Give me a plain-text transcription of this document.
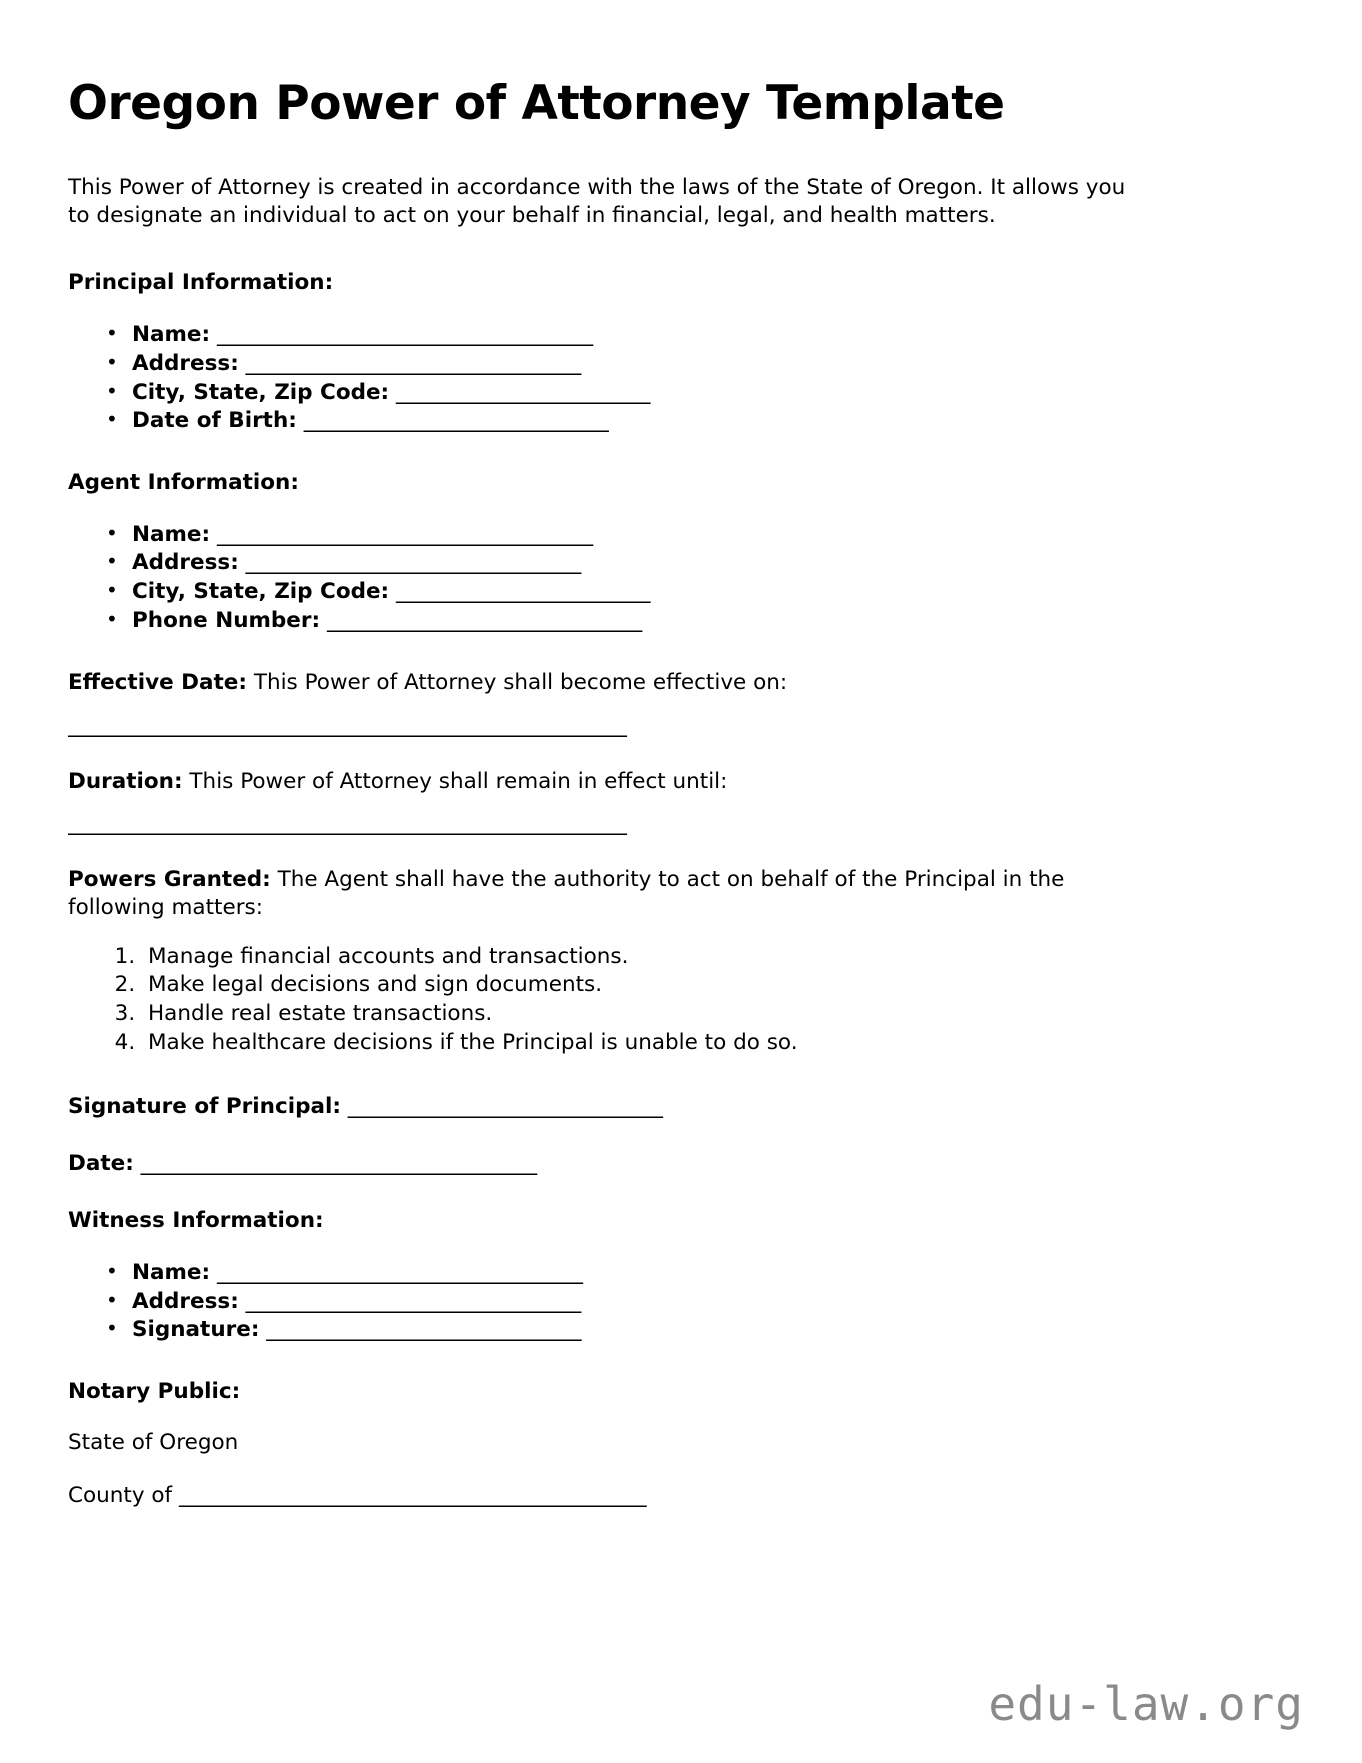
Oregon Power of Attorney Template

This Power of Attorney is created in accordance with the laws of the State of Oregon. It allows you to designate an individual to act on your behalf in financial, legal, and health matters.

Principal Information:
• Name: _____________________________________
• Address: _________________________________
• City, State, Zip Code: _________________________
• Date of Birth: ______________________________
Agent Information:
• Name: _____________________________________
• Address: _________________________________
• City, State, Zip Code: _________________________
• Phone Number: _______________________________

Effective Date: This Power of Attorney shall become effective on:

_______________________________________________________

Duration: This Power of Attorney shall remain in effect until:

_______________________________________________________

Powers Granted: The Agent shall have the authority to act on behalf of the Principal in the following matters:

1. Manage financial accounts and transactions.
2. Make legal decisions and sign documents.
3. Handle real estate transactions.
4. Make healthcare decisions if the Principal is unable to do so.

Signature of Principal: _______________________________

Date: _______________________________________

Witness Information:
• Name: ____________________________________
• Address: _________________________________
• Signature: _______________________________
Notary Public:

State of Oregon

County of ______________________________________________

edu-law.org
